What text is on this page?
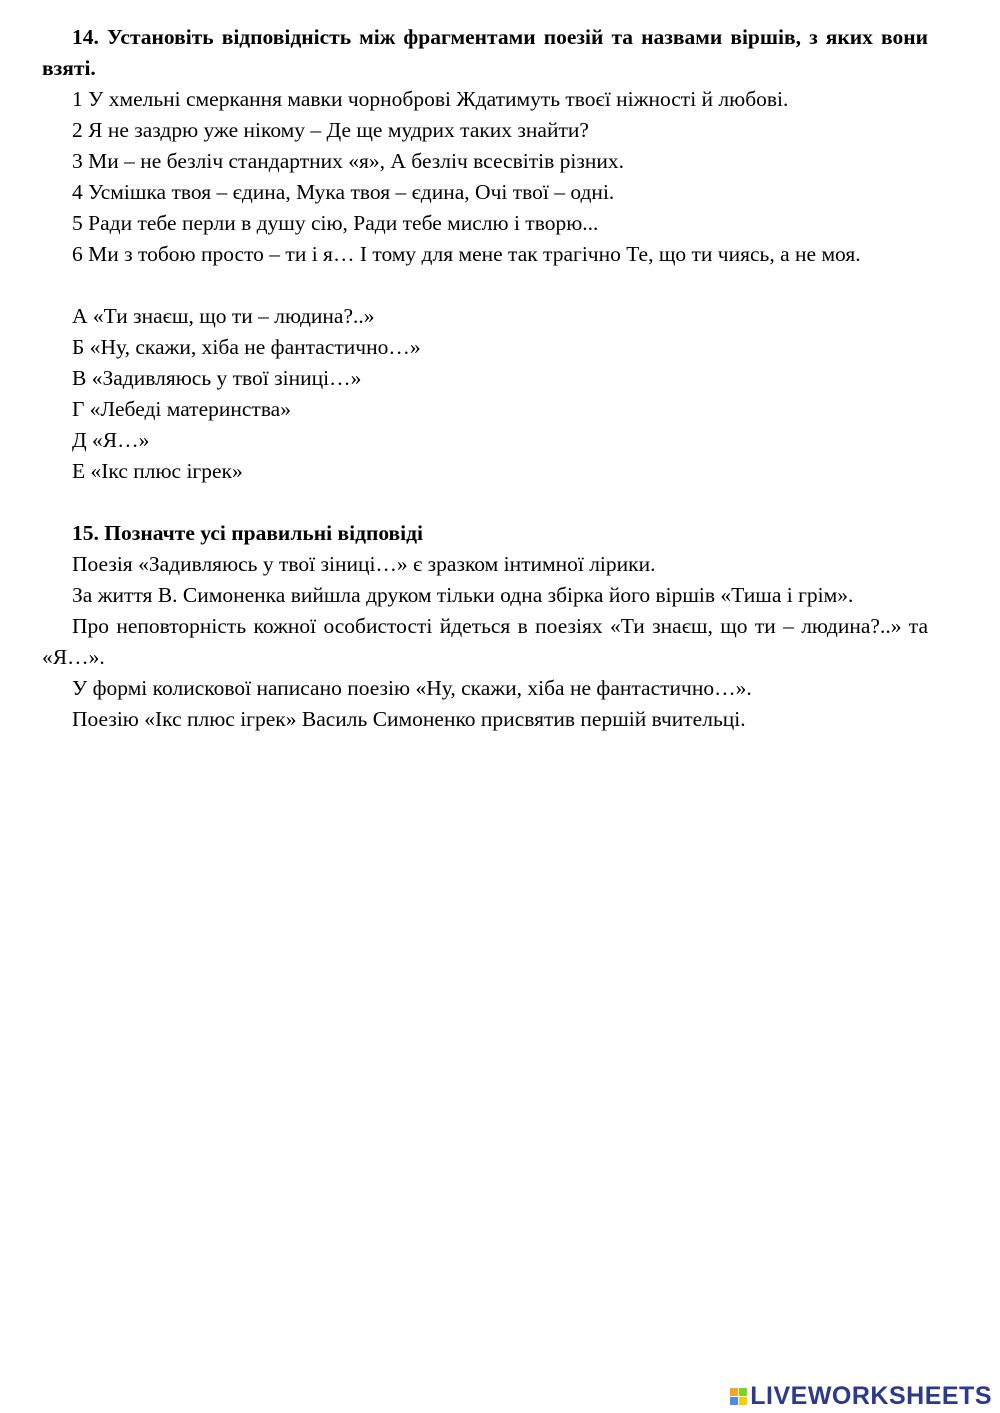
14. Установіть відповідність між фрагментами поезій та назвами віршів, з яких вони взяті.

1 У хмельні смеркання мавки чорноброві Ждатимуть твоєї ніжності й любові.

2 Я не заздрю уже нікому – Де ще мудрих таких знайти?

3 Ми – не безліч стандартних «я», А безліч всесвітів різних.

4 Усмішка твоя – єдина, Мука твоя – єдина, Очі твої – одні.

5 Ради тебе перли в душу сію, Ради тебе мислю і творю...

6 Ми з тобою просто – ти і я… І тому для мене так трагічно Те, що ти чиясь, а не моя.

А «Ти знаєш, що ти – людина?..»

Б «Ну, скажи, хіба не фантастично…»

В «Задивляюсь у твої зіниці…»

Г «Лебеді материнства»

Д «Я…»

Е «Ікс плюс ігрек»

15. Позначте усі правильні відповіді

Поезія «Задивляюсь у твої зіниці…» є зразком інтимної лірики.

За життя В. Симоненка вийшла друком тільки одна збірка його віршів «Тиша і грім».

Про неповторність кожної особистості йдеться в поезіях «Ти знаєш, що ти – людина?..» та «Я…».

У формі колискової написано поезію «Ну, скажи, хіба не фантастично…».

Поезію «Ікс плюс ігрек» Василь Симоненко присвятив першій вчительці.

LIVEWORKSHEETS
